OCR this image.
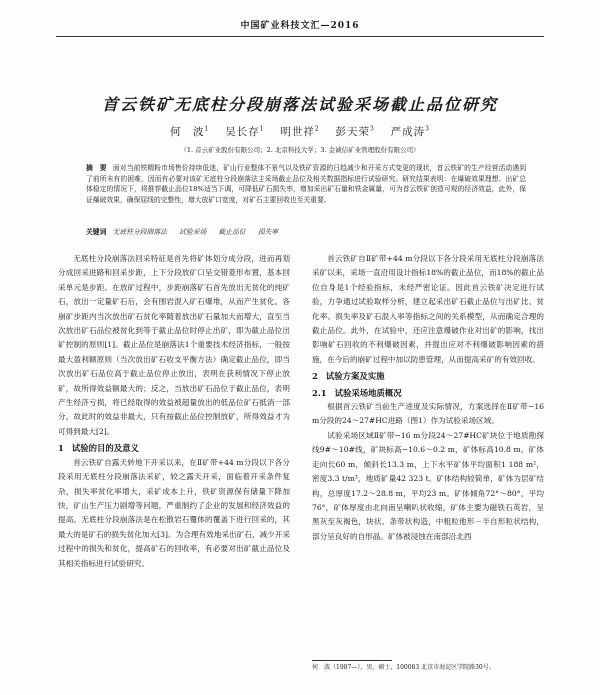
中国矿业科技文汇—2016
首云铁矿无底柱分段崩落法试验采场截止品位研究
何　波$^1$　 吴长存$^1$　 明世祥$^2$　 彭天荣$^3$　 严成涛$^3$
（1. 首云矿业股份有限公司；2. 北京科技大学；3. 金诚信矿业管理股份有限公司）
摘　要 面对当前铁精粉市场售价持续低迷，矿山行业整体不景气以及铁矿资源的日趋减少和开采方式变更的现状，首云铁矿的生产经营活动遇到了前所未有的困难，因而有必要对该矿无底柱分段崩落法主采场截止品位及相关数据指标进行试验研究。研究结果表明：在爆破效果理想、出矿总体稳定的情况下，将推荐截止品位18%适当下调，可降低矿石损失率，增加采出矿石量和铁金属量，可为首云铁矿创造可观的经济效益，此外，保证爆破效果，确保屈线的完整性，增大放矿口宽度，对矿石主要回收也至关重要。
关键词 无底柱分段崩落法 试验采场 截止品位 损失率

无底柱分段崩落法回采特征是首先将矿体划分成分段，进而再划分成回采进路和回采步距，上下分段放矿口呈交错菱形布置，基本回采单元是步距。在放矿过程中，步距崩落矿石首先放出无贫化的纯矿石，放出一定量矿石后，会有围岩混入矿石爆堆，从而产生贫化。各崩矿步距内当次放出矿石贫化率随着放出矿石量加大而增大，直至当次放出矿石品位被贫化到等于截止品位时停止出矿，即为截止品位出矿控制的原则[1]。截止品位是崩落法1个重要技术经济指标，一般按最大盈利额原则（当次放出矿石收支平衡方法）确定截止品位，即当次放出矿石品位高于截止品位停止放出，表明在获利情况下停止放矿，故所得效益额最大的；反之，当放出矿石品位于截止品位，表明产生经济亏损，将已经取得的效益被超量放出的低品位矿石抵消一部分，故此时的效益非最大，只有按截止品位控制放矿，所得效益才为可得到最大[2]。

1 试验的目的及意义

首云铁矿自露天转地下开采以来，在Ⅱ矿带+44 m分段以下各分段采用无底柱分段崩落法采矿，较之露天开采，面临着开采条件复杂，损失率贫化率增大，采矿成本上升，铁矿资源保有储量下降加快，矿山生产压力剧增等问题，严重制约了企业的发展和经济效益的提高。无底柱分段崩落法是在松散岩石覆体的覆盖下进行回采的，其最大的是矿石的损失贫化加大[3]。为合理有效地采出矿石，减少开采过程中的损失和贫化，提高矿石的回收率，有必要对出矿截止品位及其相关指标进行试验研究。

首云铁矿自Ⅱ矿带+44 m分段以下各分段采用无底柱分段崩落法采矿以来，采场一直沿用设计指标18%的截止品位，而18%的截止品位自身是1个经验指标，未经严密论证。因此首云铁矿决定进行试验，力争通过试验取样分析，建立起采出矿石截止品位与出矿比、贫化率、损失率及矿石混入率等指标之间的关系模型，从而确定合理的截止品位。此外，在试验中，还应注意爆破作业对出矿的影响，找出影响矿石回收的不利爆破因素，并提出应对不利爆破影响因素的措施，在今后的崩矿过程中加以防患管理，从而提高采矿的有效回收。

2 试验方案及实施

2.1 试验采场地质概况

根据首云铁矿当前生产进度及实际情况，方案选择在Ⅱ矿带−16 m分段的24～27#HC进路（图1）作为试验采场区域。

试验采场区域Ⅱ矿带−16 m分段24～27#HC矿块位于地质勘探线9#～10#线，矿块标高−10.6～0.2 m，矿体标高10.8 m，矿体走向长60 m，倾斜长13.3 m，上下水平矿体平均面积1 188 m²，密度3.3 t/m³，地质矿量42 323 t。矿体结构较简单，矿体为层矿结构，总厚度17.2～28.8 m，平均23 m。矿体倾角72°～80°，平均76°，矿体厚度由北向南呈喇叭状收缩，矿体主要为磁铁石英岩，呈黑灰至灰褐色，块状、条带状构造，中粗粒他形－半自形粒状结构，部分呈良好的自形晶。矿体被浸蚀在南部沿北西

何　波（1987—），男，硕士，100083 北京市海淀区学院路30号。
